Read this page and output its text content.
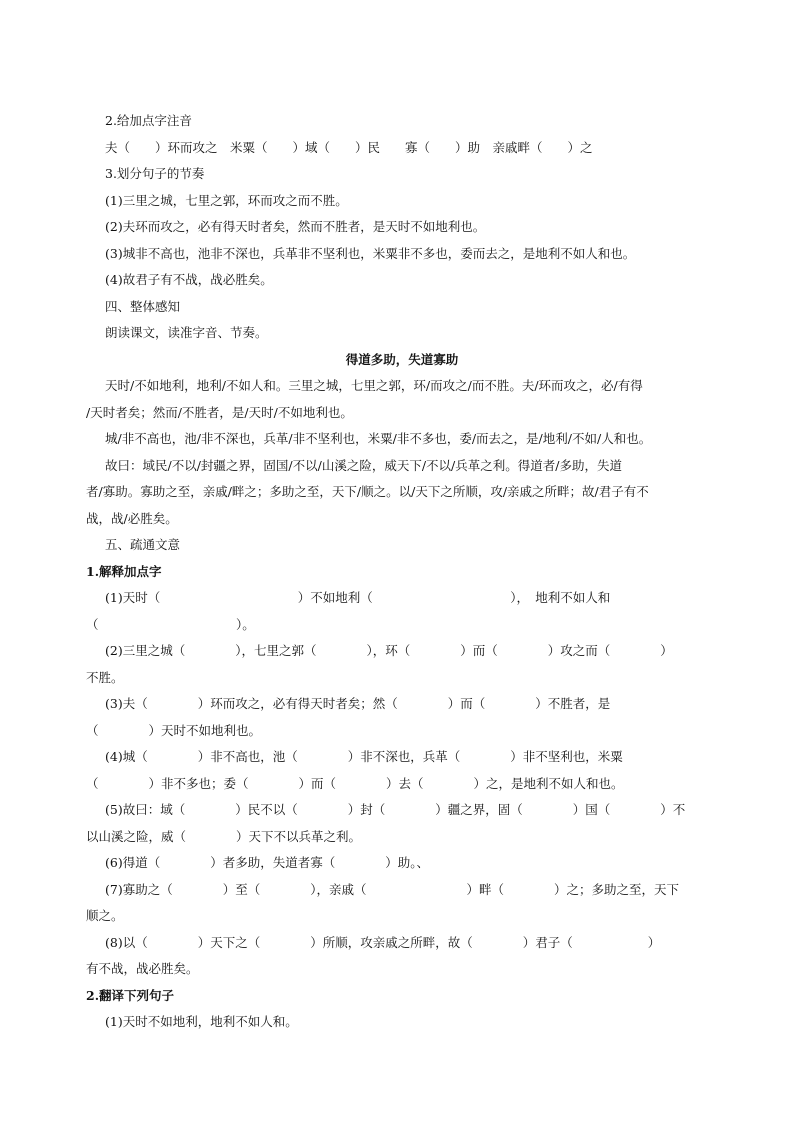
2.给加点字注音
夫（　　）环而攻之　米粟（　　）域（　　）民　　寡（　　）助　亲戚畔（　　）之
3.划分句子的节奏
(1)三里之城，七里之郭，环而攻之而不胜。
(2)夫环而攻之，必有得天时者矣，然而不胜者，是天时不如地利也。
(3)城非不高也，池非不深也，兵革非不坚利也，米粟非不多也，委而去之，是地利不如人和也。
(4)故君子有不战，战必胜矣。
四、整体感知
朗读课文，读准字音、节奏。
得道多助，失道寡助
天时/不如地利，地利/不如人和。三里之城，七里之郭，环/而攻之/而不胜。夫/环而攻之，必/有得
/天时者矣；然而/不胜者，是/天时/不如地利也。
城/非不高也，池/非不深也，兵革/非不坚利也，米粟/非不多也，委/而去之，是/地利/不如/人和也。
故曰：域民/不以/封疆之界，固国/不以/山溪之险，威天下/不以/兵革之利。得道者/多助，失道
者/寡助。寡助之至，亲戚/畔之；多助之至，天下/顺之。以/天下之所顺，攻/亲戚之所畔；故/君子有不
战，战/必胜矣。
五、疏通文意
1.解释加点字
(1)天时（　　　　　　　　　　　）不如地利（　　　　　　　　　　　），　地利不如人和
（　　　　　　　　　　　）。
(2)三里之城（　　　　），七里之郭（　　　　），环（　　　　）而（　　　　）攻之而（　　　　）
不胜。
(3)夫（　　　　）环而攻之，必有得天时者矣；然（　　　　）而（　　　　）不胜者，是
（　　　　）天时不如地利也。
(4)城（　　　　）非不高也，池（　　　　）非不深也，兵革（　　　　）非不坚利也，米粟
（　　　　）非不多也；委（　　　　）而（　　　　）去（　　　　）之，是地利不如人和也。
(5)故曰：域（　　　　）民不以（　　　　）封（　　　　）疆之界，固（　　　　）国（　　　　）不
以山溪之险，威（　　　　）天下不以兵革之利。
(6)得道（　　　　）者多助，失道者寡（　　　　）助。、
(7)寡助之（　　　　）至（　　　　），亲戚（　　　　　　　　）畔（　　　　）之；多助之至，天下
顺之。
(8)以（　　　　）天下之（　　　　）所顺，攻亲戚之所畔，故（　　　　）君子（　　　　　　）
有不战，战必胜矣。
2.翻译下列句子
(1)天时不如地利，地利不如人和。
